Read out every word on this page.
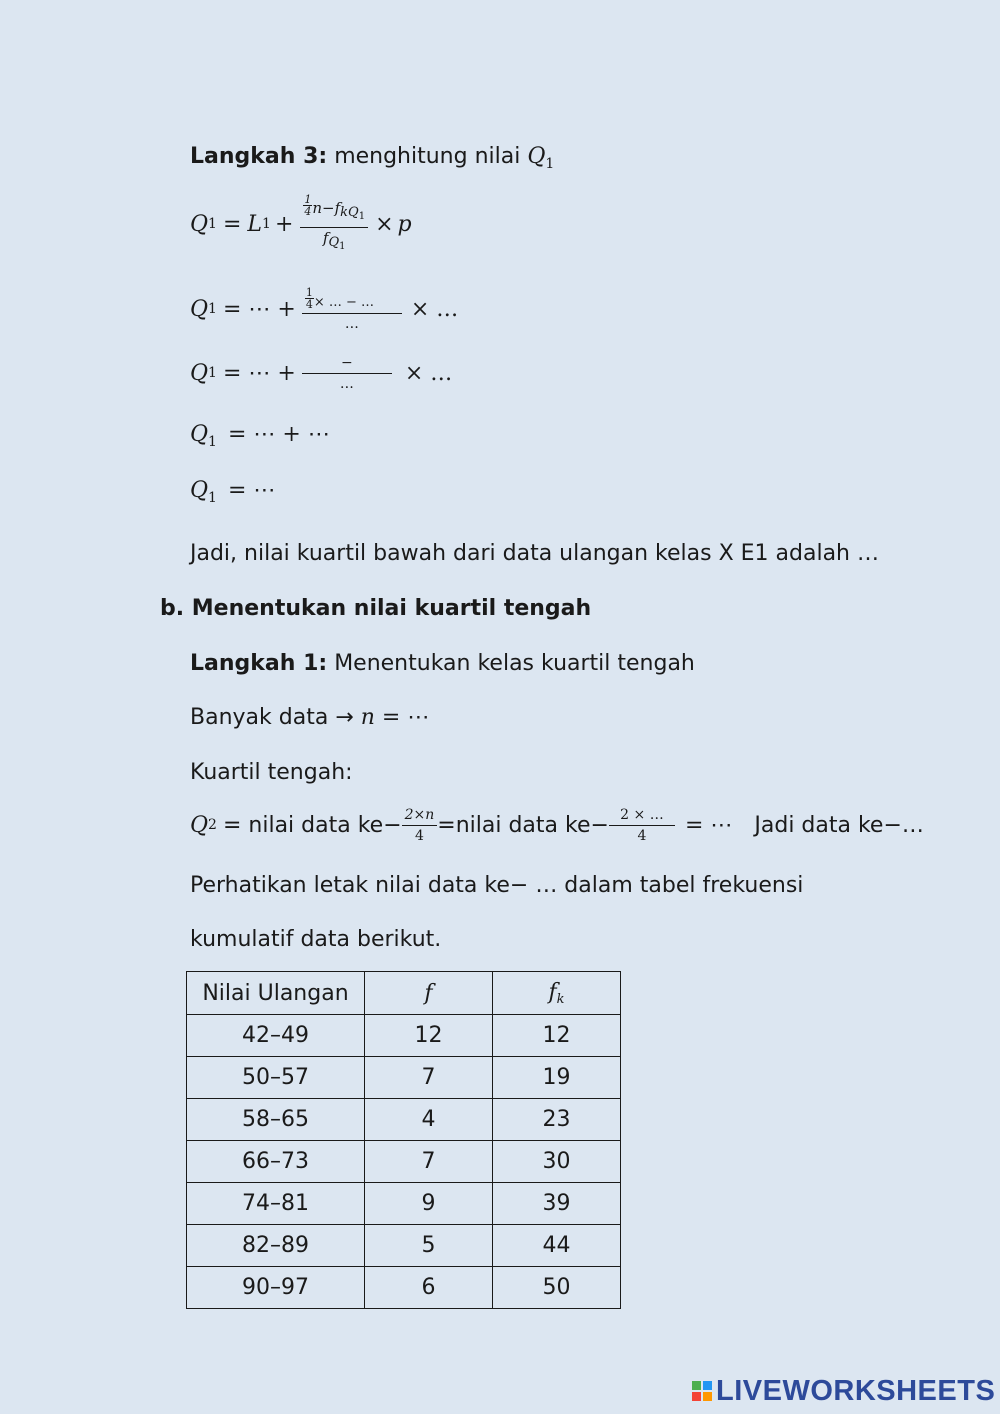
Langkah 3: menghitung nilai $Q_1$
Q 1 = L $1 + \frac{\frac{1}{4} n-fkQ_1}{fQ_1} \times p$
Q 1 = ⋯ + $\frac{\frac{1}{4} \times \dots - \dots}{\dots}$ × …
Q 1 = ⋯ + $\frac{-}{\dots}$ × …
$Q_1$ = ⋯ + ⋯
$Q_1$ = ⋯
Jadi, nilai kuartil bawah dari data ulangan kelas X E1 adalah …
b. Menentukan nilai kuartil tengah
Langkah 1: Menentukan kelas kuartil tengah
Banyak data → n = ⋯
Kuartil tengah:
Q 2 = nilai data $ke- \frac{2\times n}{4}$ =nilai data $ke- \frac{2 \times \dots}{4}$ = ⋯ Jadi data ke−…
Perhatikan letak nilai data ke− … dalam tabel frekuensi
kumulatif data berikut.
Nilai Ulangan	f	fk
42–49	12	12
50–57	7	19
58–65	4	23
66–73	7	30
74–81	9	39
82–89	5	44
90–97	6	50
LIVEWORKSHEETS
